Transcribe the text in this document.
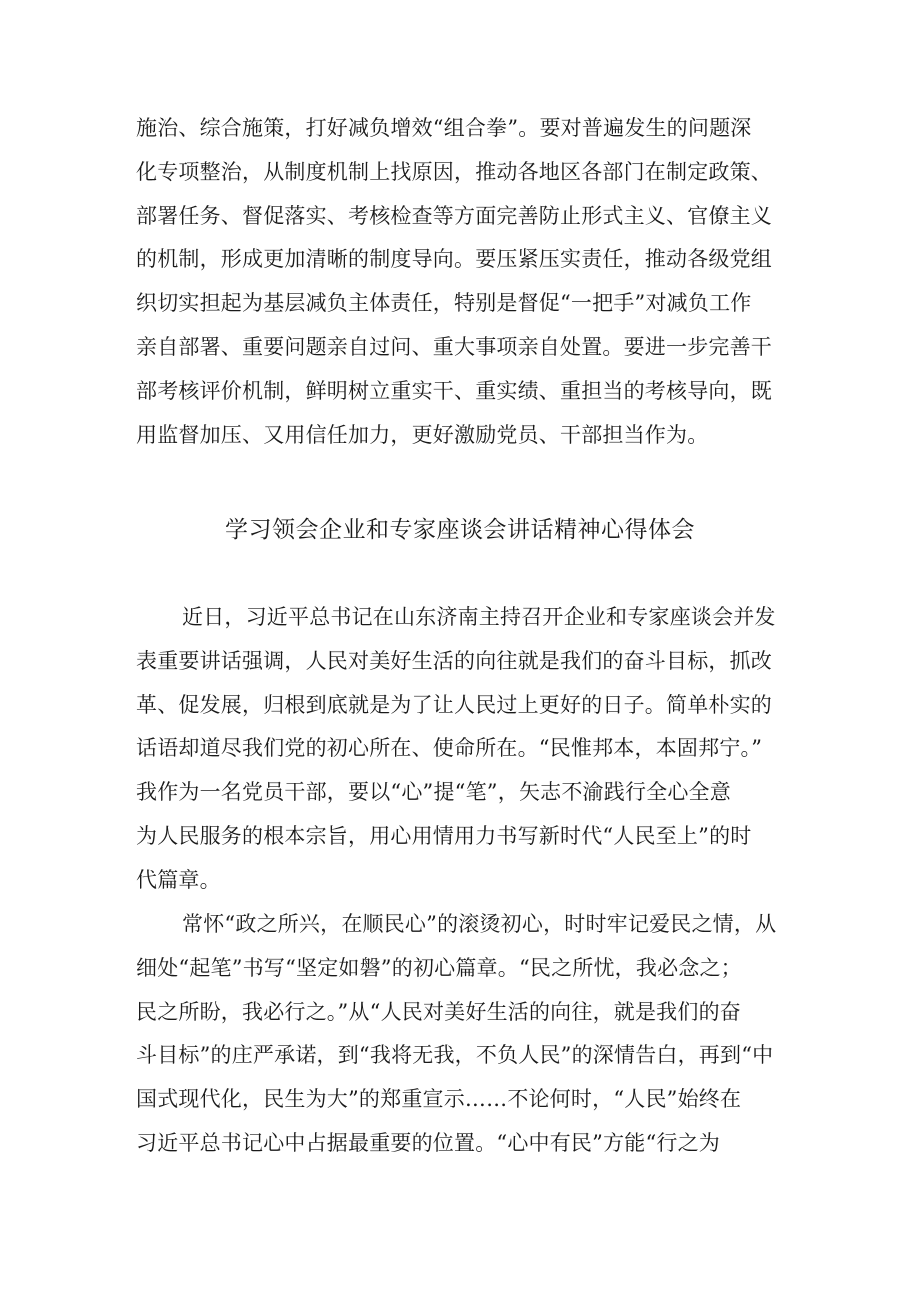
施治、综合施策，打好减负增效“组合拳”。要对普遍发生的问题深
化专项整治，从制度机制上找原因，推动各地区各部门在制定政策、
部署任务、督促落实、考核检查等方面完善防止形式主义、官僚主义
的机制，形成更加清晰的制度导向。要压紧压实责任，推动各级党组
织切实担起为基层减负主体责任，特别是督促“一把手”对减负工作
亲自部署、重要问题亲自过问、重大事项亲自处置。要进一步完善干
部考核评价机制，鲜明树立重实干、重实绩、重担当的考核导向，既
用监督加压、又用信任加力，更好激励党员、干部担当作为。
学习领会企业和专家座谈会讲话精神心得体会
近日，习近平总书记在山东济南主持召开企业和专家座谈会并发
表重要讲话强调，人民对美好生活的向往就是我们的奋斗目标，抓改
革、促发展，归根到底就是为了让人民过上更好的日子。简单朴实的
话语却道尽我们党的初心所在、使命所在。“民惟邦本，本固邦宁。”
我作为一名党员干部，要以“心”提“笔”，矢志不渝践行全心全意
为人民服务的根本宗旨，用心用情用力书写新时代“人民至上”的时
代篇章。
常怀“政之所兴，在顺民心”的滚烫初心，时时牢记爱民之情，从
细处“起笔”书写“坚定如磐”的初心篇章。“民之所忧，我必念之；
民之所盼，我必行之。”从“人民对美好生活的向往，就是我们的奋
斗目标”的庄严承诺，到“我将无我，不负人民”的深情告白，再到“中
国式现代化，民生为大”的郑重宣示……不论何时，“人民”始终在
习近平总书记心中占据最重要的位置。“心中有民”方能“行之为
